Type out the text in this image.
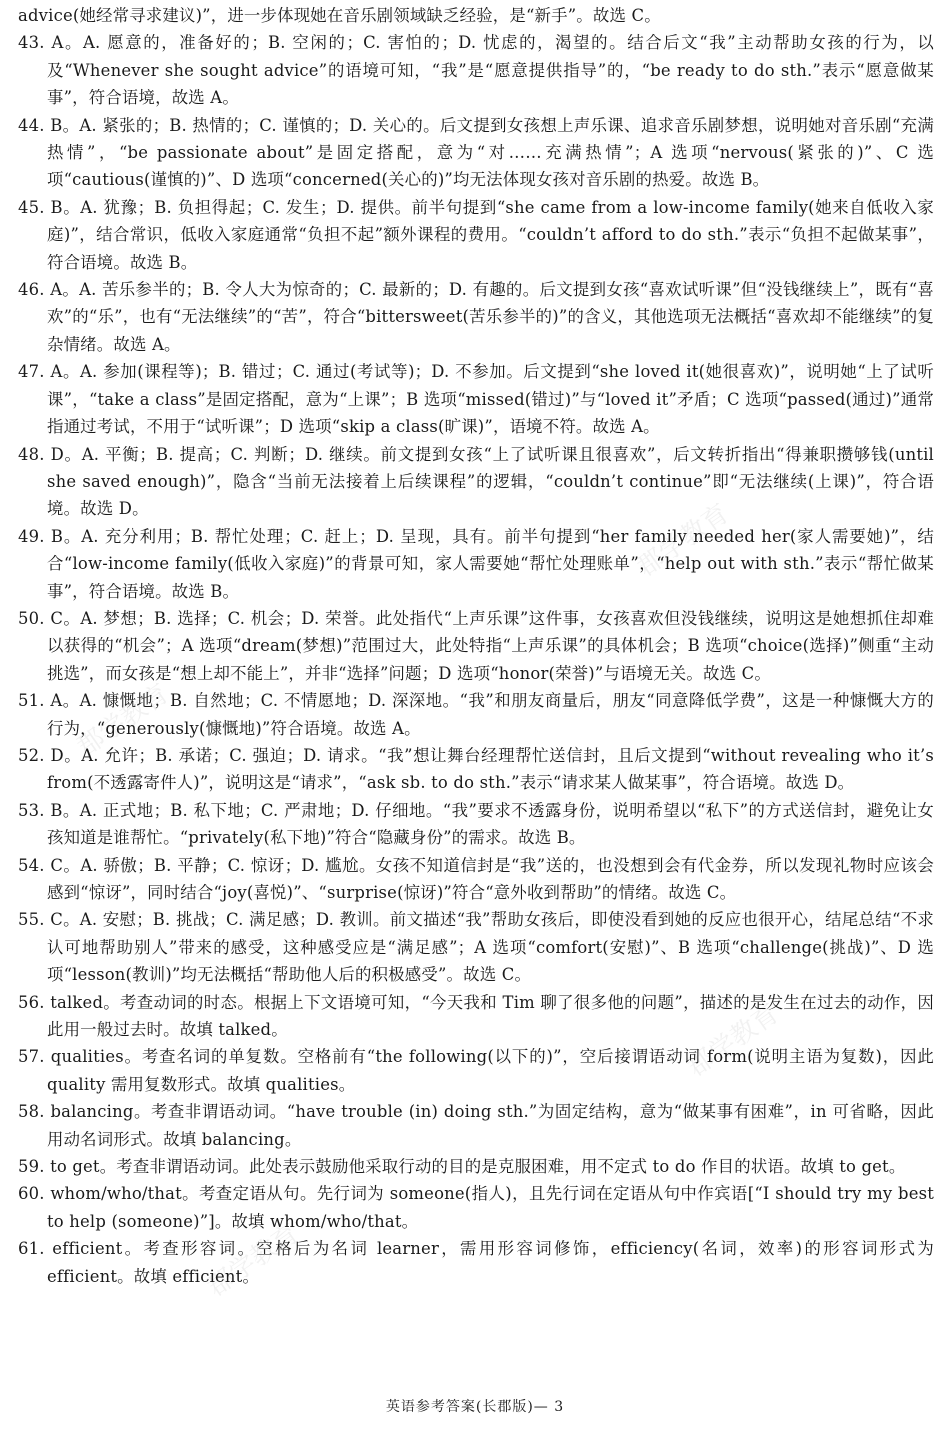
郡学教育
郡学教育
郡学教育
郡学教育
advice(她经常寻求建议)”，进一步体现她在音乐剧领域缺乏经验，是“新手”。故选 C。
43. A。A. 愿意的，准备好的；B. 空闲的；C. 害怕的；D. 忧虑的，渴望的。结合后文“我”主动帮助女孩的行为，以及“Whenever she sought advice”的语境可知，“我”是“愿意提供指导”的，“be ready to do sth.”表示“愿意做某事”，符合语境，故选 A。
44. B。A. 紧张的；B. 热情的；C. 谨慎的；D. 关心的。后文提到女孩想上声乐课、追求音乐剧梦想，说明她对音乐剧“充满热情”，“be passionate about”是固定搭配，意为“对……充满热情”；A 选项“nervous(紧张的)”、C 选项“cautious(谨慎的)”、D 选项“concerned(关心的)”均无法体现女孩对音乐剧的热爱。故选 B。
45. B。A. 犹豫；B. 负担得起；C. 发生；D. 提供。前半句提到“she came from a low-income family(她来自低收入家庭)”，结合常识，低收入家庭通常“负担不起”额外课程的费用。“couldn’t afford to do sth.”表示“负担不起做某事”，符合语境。故选 B。
46. A。A. 苦乐参半的；B. 令人大为惊奇的；C. 最新的；D. 有趣的。后文提到女孩“喜欢试听课”但“没钱继续上”，既有“喜欢”的“乐”，也有“无法继续”的“苦”，符合“bittersweet(苦乐参半的)”的含义，其他选项无法概括“喜欢却不能继续”的复杂情绪。故选 A。
47. A。A. 参加(课程等)；B. 错过；C. 通过(考试等)；D. 不参加。后文提到“she loved it(她很喜欢)”，说明她“上了试听课”，“take a class”是固定搭配，意为“上课”；B 选项“missed(错过)”与“loved it”矛盾；C 选项“passed(通过)”通常指通过考试，不用于“试听课”；D 选项“skip a class(旷课)”，语境不符。故选 A。
48. D。A. 平衡；B. 提高；C. 判断；D. 继续。前文提到女孩“上了试听课且很喜欢”，后文转折指出“得兼职攒够钱(until she saved enough)”，隐含“当前无法接着上后续课程”的逻辑，“couldn’t continue”即“无法继续(上课)”，符合语境。故选 D。
49. B。A. 充分利用；B. 帮忙处理；C. 赶上；D. 呈现，具有。前半句提到“her family needed her(家人需要她)”，结合“low-income family(低收入家庭)”的背景可知，家人需要她“帮忙处理账单”，“help out with sth.”表示“帮忙做某事”，符合语境。故选 B。
50. C。A. 梦想；B. 选择；C. 机会；D. 荣誉。此处指代“上声乐课”这件事，女孩喜欢但没钱继续，说明这是她想抓住却难以获得的“机会”；A 选项“dream(梦想)”范围过大，此处特指“上声乐课”的具体机会；B 选项“choice(选择)”侧重“主动挑选”，而女孩是“想上却不能上”，并非“选择”问题；D 选项“honor(荣誉)”与语境无关。故选 C。
51. A。A. 慷慨地；B. 自然地；C. 不情愿地；D. 深深地。“我”和朋友商量后，朋友“同意降低学费”，这是一种慷慨大方的行为，“generously(慷慨地)”符合语境。故选 A。
52. D。A. 允许；B. 承诺；C. 强迫；D. 请求。“我”想让舞台经理帮忙送信封，且后文提到“without revealing who it’s from(不透露寄件人)”，说明这是“请求”，“ask sb. to do sth.”表示“请求某人做某事”，符合语境。故选 D。
53. B。A. 正式地；B. 私下地；C. 严肃地；D. 仔细地。“我”要求不透露身份，说明希望以“私下”的方式送信封，避免让女孩知道是谁帮忙。“privately(私下地)”符合“隐藏身份”的需求。故选 B。
54. C。A. 骄傲；B. 平静；C. 惊讶；D. 尴尬。女孩不知道信封是“我”送的，也没想到会有代金券，所以发现礼物时应该会感到“惊讶”，同时结合“joy(喜悦)”、“surprise(惊讶)”符合“意外收到帮助”的情绪。故选 C。
55. C。A. 安慰；B. 挑战；C. 满足感；D. 教训。前文描述“我”帮助女孩后，即使没看到她的反应也很开心，结尾总结“不求认可地帮助别人”带来的感受，这种感受应是“满足感”；A 选项“comfort(安慰)”、B 选项“challenge(挑战)”、D 选项“lesson(教训)”均无法概括“帮助他人后的积极感受”。故选 C。
56. talked。考查动词的时态。根据上下文语境可知，“今天我和 Tim 聊了很多他的问题”，描述的是发生在过去的动作，因此用一般过去时。故填 talked。
57. qualities。考查名词的单复数。空格前有“the following(以下的)”，空后接谓语动词 form(说明主语为复数)，因此 quality 需用复数形式。故填 qualities。
58. balancing。考查非谓语动词。“have trouble (in) doing sth.”为固定结构，意为“做某事有困难”，in 可省略，因此用动名词形式。故填 balancing。
59. to get。考查非谓语动词。此处表示鼓励他采取行动的目的是克服困难，用不定式 to do 作目的状语。故填 to get。
60. whom/who/that。考查定语从句。先行词为 someone(指人)，且先行词在定语从句中作宾语[“I should try my best to help (someone)”]。故填 whom/who/that。
61. efficient。考查形容词。空格后为名词 learner，需用形容词修饰，efficiency(名词，效率)的形容词形式为 efficient。故填 efficient。
英语参考答案(长郡版)— 3
